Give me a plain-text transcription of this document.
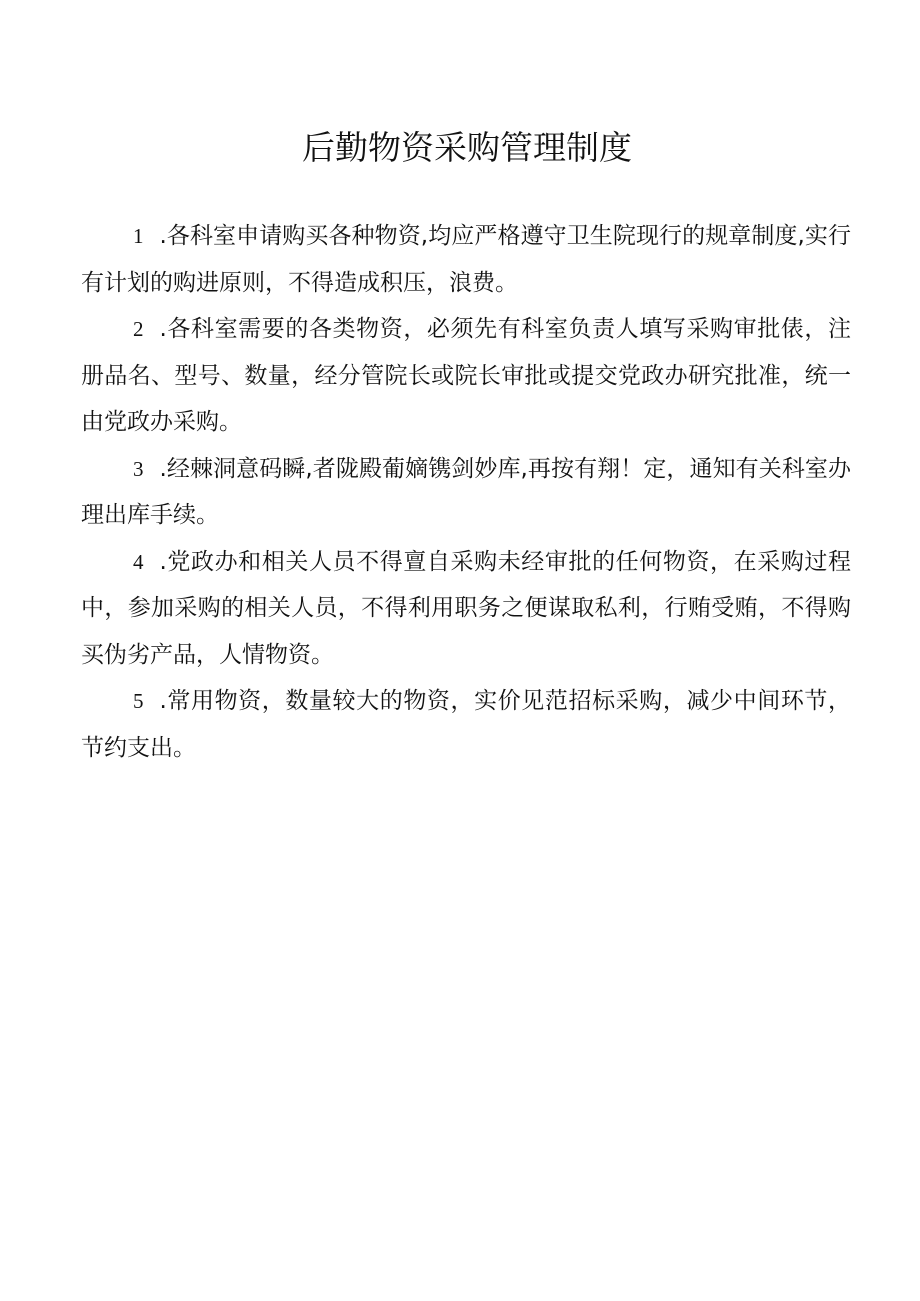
后勤物资采购管理制度

1 .各科室申请购买各种物资,均应严格遵守卫生院现行的规章制度,实行有计划的购进原则，不得造成积压，浪费。

2 .各科室需要的各类物资，必须先有科室负责人填写采购审批俵，注册品名、型号、数量，经分管院长或院长审批或提交党政办研究批准，统一由党政办采购。

3 .经棘洞意码瞬,者陇殿葡嫡镌剑妙库,再按有翔！定，通知有关科室办理出库手续。

4 .党政办和相关人员不得亶自采购未经审批的任何物资，在采购过程中，参加采购的相关人员，不得利用职务之便谋取私利，行贿受贿，不得购买伪劣产品，人情物资。

5 .常用物资，数量较大的物资，实价见范招标采购，减少中间环节，节约支出。
